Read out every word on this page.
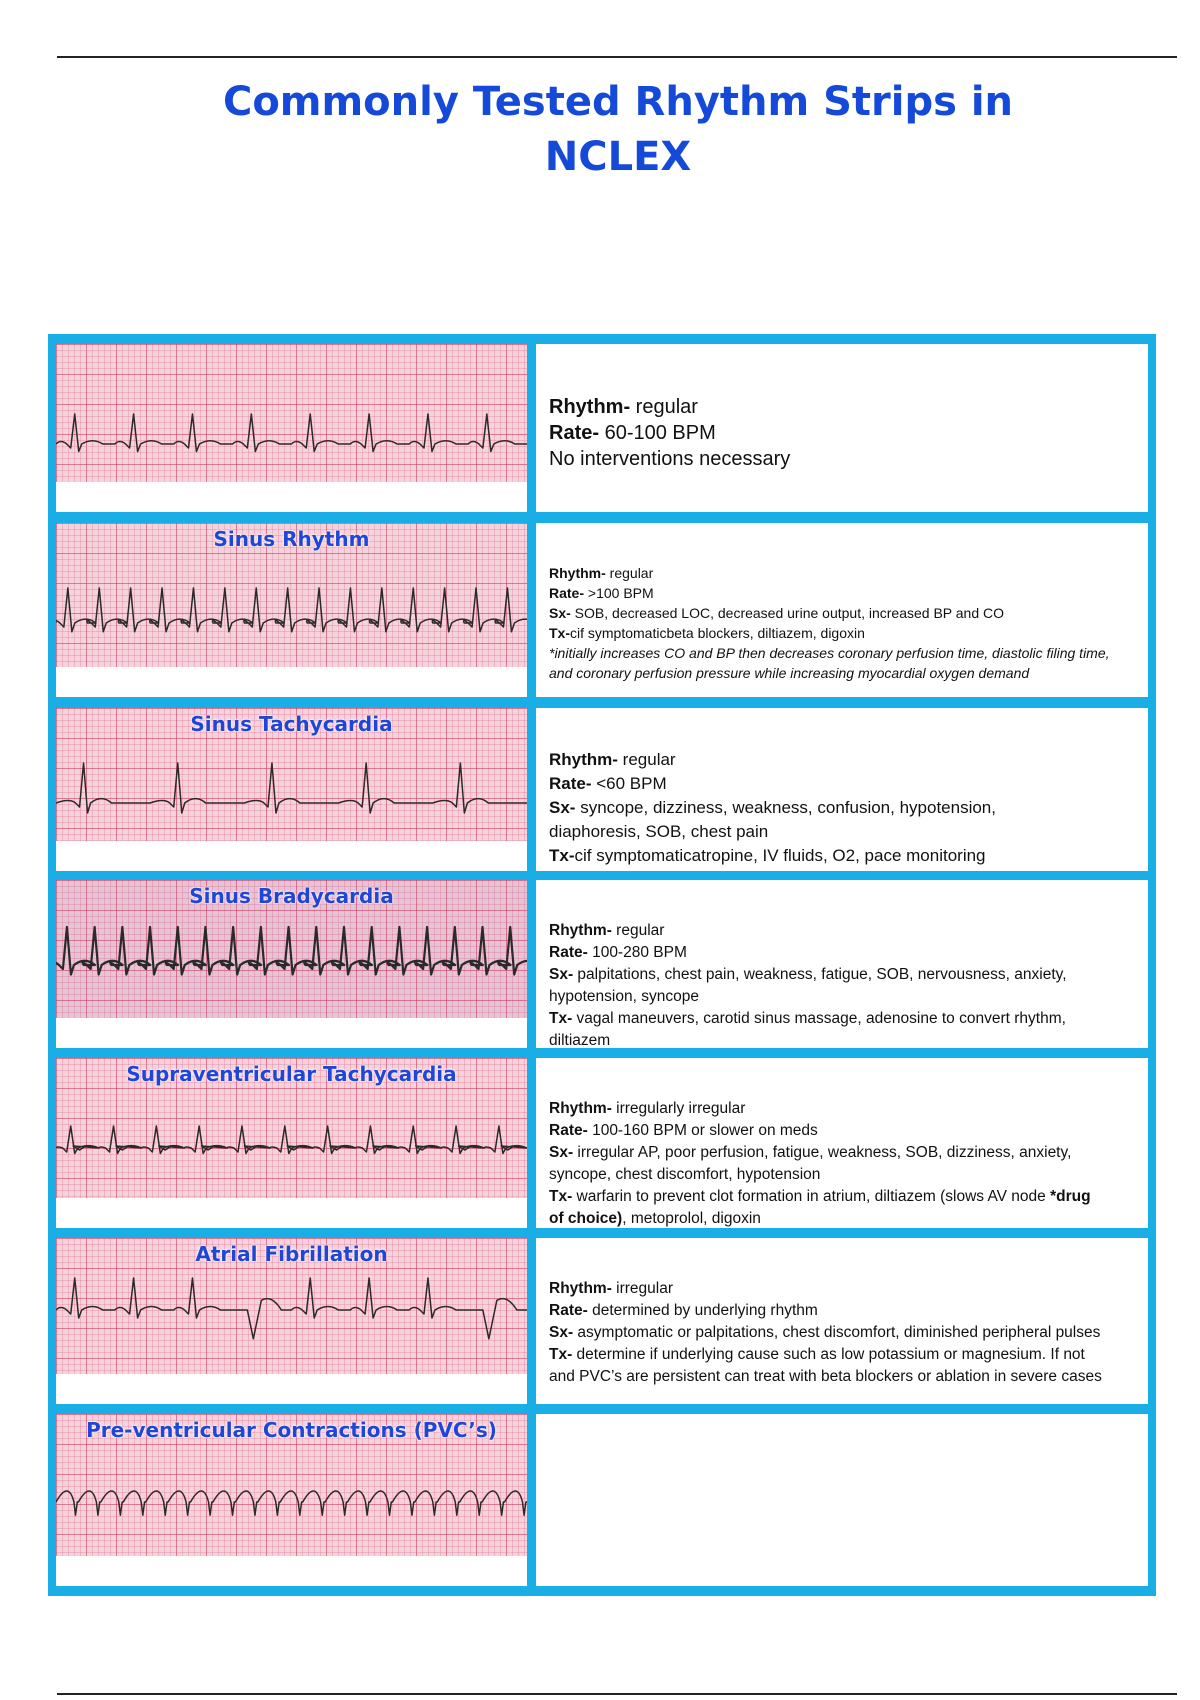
Commonly Tested Rhythm Strips in
NCLEX
Rhythm- regular
Rate- 60-100 BPM
No interventions necessary
Sinus Rhythm
Rhythm- regular
Rate- >100 BPM
Sx- SOB, decreased LOC, decreased urine output, increased BP and CO
Tx-cif symptomaticbeta blockers, diltiazem, digoxin
*initially increases CO and BP then decreases coronary perfusion time, diastolic filing time,
and coronary perfusion pressure while increasing myocardial oxygen demand
Sinus Tachycardia
Rhythm- regular
Rate- <60 BPM
Sx- syncope, dizziness, weakness, confusion, hypotension,
diaphoresis, SOB, chest pain
Tx-cif symptomaticatropine, IV fluids, O2, pace monitoring
Sinus Bradycardia
Rhythm- regular
Rate- 100-280 BPM
Sx- palpitations, chest pain, weakness, fatigue, SOB, nervousness, anxiety,
hypotension, syncope
Tx- vagal maneuvers, carotid sinus massage, adenosine to convert rhythm,
diltiazem
Supraventricular Tachycardia
Rhythm- irregularly irregular
Rate- 100-160 BPM or slower on meds
Sx- irregular AP, poor perfusion, fatigue, weakness, SOB, dizziness, anxiety,
syncope, chest discomfort, hypotension
Tx- warfarin to prevent clot formation in atrium, diltiazem (slows AV node *drug
of choice), metoprolol, digoxin
Atrial Fibrillation
Rhythm- irregular
Rate- determined by underlying rhythm
Sx- asymptomatic or palpitations, chest discomfort, diminished peripheral pulses
Tx- determine if underlying cause such as low potassium or magnesium. If not
and PVC’s are persistent can treat with beta blockers or ablation in severe cases
Pre-ventricular Contractions (PVC’s)
